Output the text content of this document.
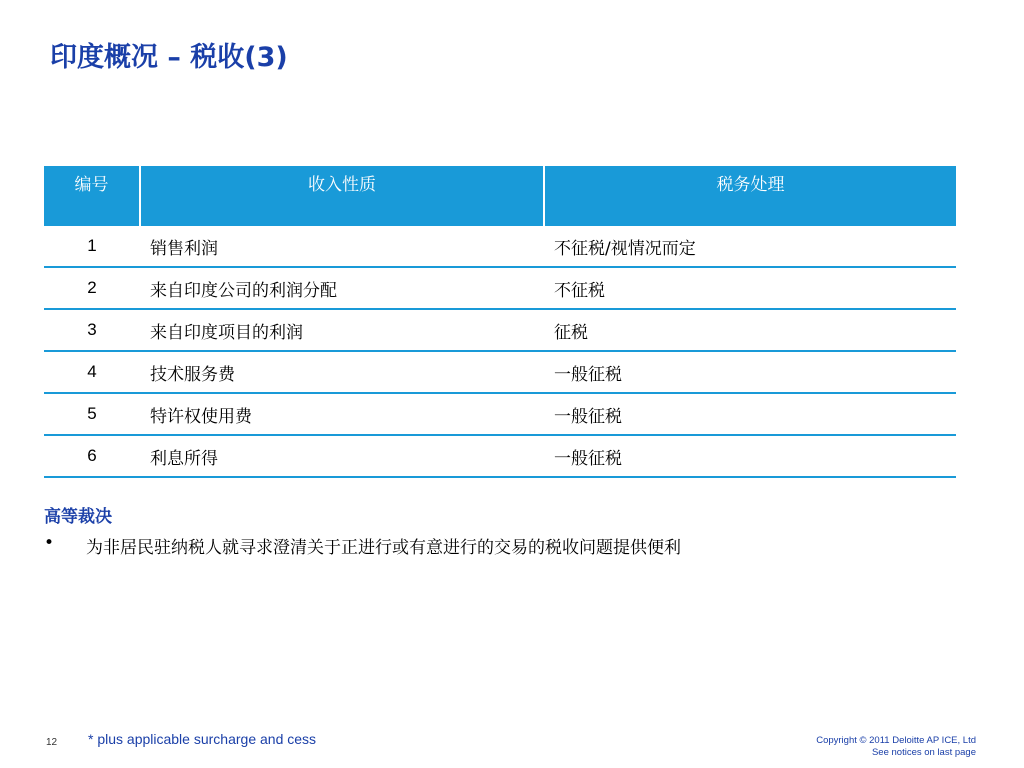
印度概况 – 税收(3)
编号	收入性质	税务处理
1	销售利润	不征税/视情况而定
2	来自印度公司的利润分配	不征税
3	来自印度项目的利润	征税
4	技术服务费	一般征税
5	特许权使用费	一般征税
6	利息所得	一般征税
高等裁决
•	为非居民驻纳税人就寻求澄清关于正进行或有意进行的交易的税收问题提供便利
12 * plus applicable surcharge and cess	Copyright © 2011 Deloitte AP ICE, Ltd
See notices on last page
